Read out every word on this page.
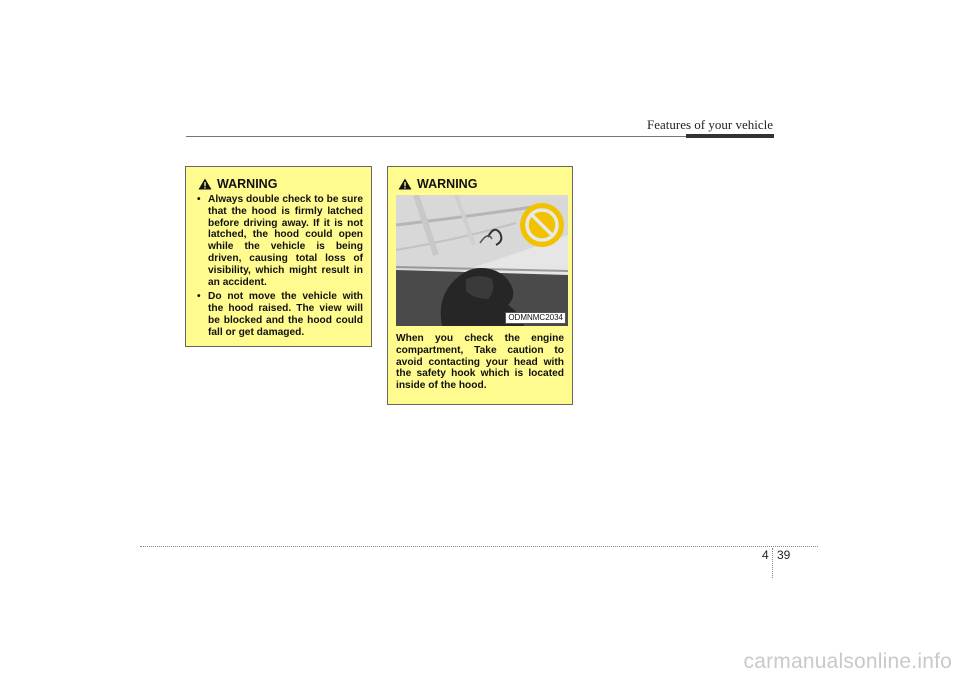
Features of your vehicle
WARNING
• Always double check to be sure that the hood is firmly latched before driving away. If it is not latched, the hood could open while the vehicle is being driven, causing total loss of visibility, which might result in an accident.
• Do not move the vehicle with the hood raised. The view will be blocked and the hood could fall or get damaged.
WARNING
ODMNMC2034
When you check the engine compartment, Take caution to avoid contacting your head with the safety hook which is located inside of the hood.
4 39
carmanualsonline.info
